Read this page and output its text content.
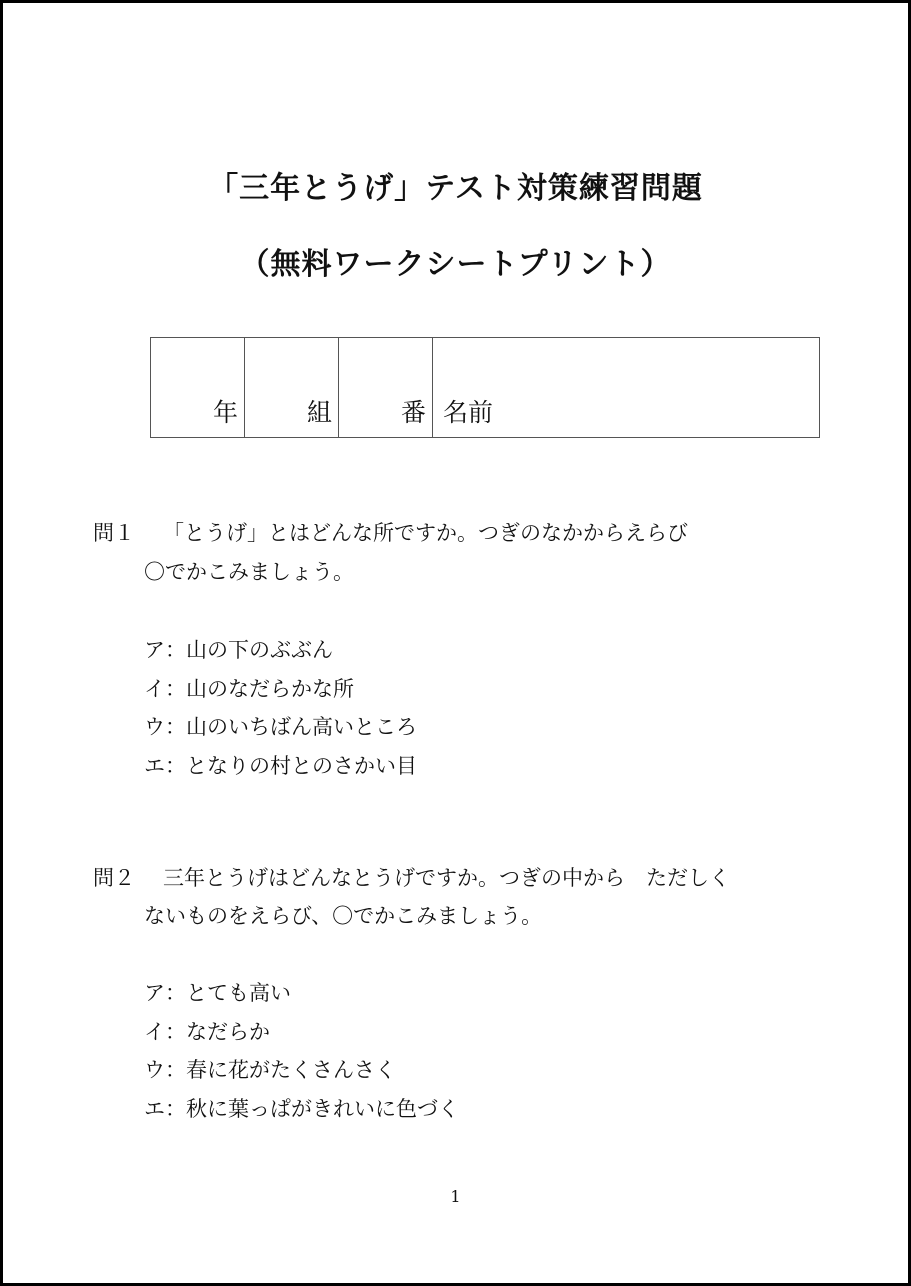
「三年とうげ」テスト対策練習問題
（無料ワークシートプリント）
年	組	番	名前
問１ 「とうげ」とはどんな所ですか。つぎのなかからえらび
〇でかこみましょう。
ア：山の下のぶぶん
イ：山のなだらかな所
ウ：山のいちばん高いところ
エ：となりの村とのさかい目
問２ 三年とうげはどんなとうげですか。つぎの中から　ただしく
ないものをえらび、〇でかこみましょう。
ア：とても高い
イ：なだらか
ウ：春に花がたくさんさく
エ：秋に葉っぱがきれいに色づく
1
